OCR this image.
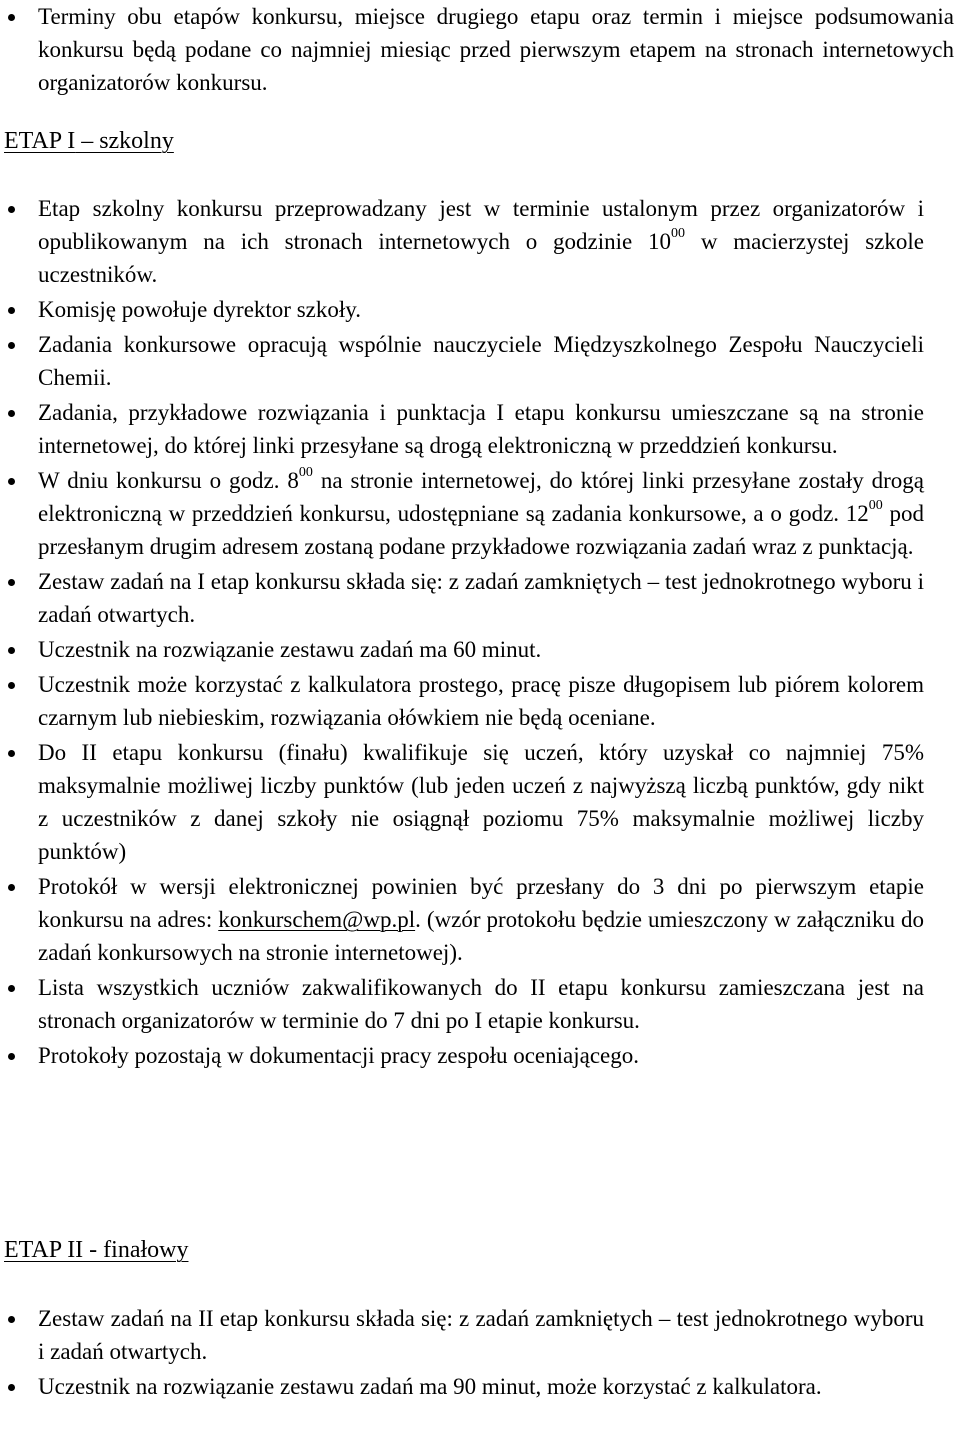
Terminy obu etapów konkursu, miejsce drugiego etapu oraz termin i miejsce podsumowania konkursu będą podane co najmniej miesiąc przed pierwszym etapem na stronach internetowych organizatorów konkursu.
ETAP I – szkolny
Etap szkolny konkursu przeprowadzany jest w terminie ustalonym przez organizatorów i opublikowanym na ich stronach internetowych o godzinie $10^{00}$ w macierzystej szkole uczestników.
Komisję powołuje dyrektor szkoły.
Zadania konkursowe opracują wspólnie nauczyciele Międzyszkolnego Zespołu Nauczycieli Chemii.
Zadania, przykładowe rozwiązania i punktacja I etapu konkursu umieszczane są na stronie internetowej, do której linki przesyłane są drogą elektroniczną w przeddzień konkursu.
W dniu konkursu o godz. $8^{00}$ na stronie internetowej, do której linki przesyłane zostały drogą elektroniczną w przeddzień konkursu, udostępniane są zadania konkursowe, a o godz. $12^{00}$ pod przesłanym drugim adresem zostaną podane przykładowe rozwiązania zadań wraz z punktacją.
Zestaw zadań na I etap konkursu składa się: z zadań zamkniętych – test jednokrotnego wyboru i zadań otwartych.
Uczestnik na rozwiązanie zestawu zadań ma 60 minut.
Uczestnik może korzystać z kalkulatora prostego, pracę pisze długopisem lub piórem kolorem czarnym lub niebieskim, rozwiązania ołówkiem nie będą oceniane.
Do II etapu konkursu (finału) kwalifikuje się uczeń, który uzyskał co najmniej 75% maksymalnie możliwej liczby punktów (lub jeden uczeń z najwyższą liczbą punktów, gdy nikt z uczestników z danej szkoły nie osiągnął poziomu 75% maksymalnie możliwej liczby punktów)
Protokół w wersji elektronicznej powinien być przesłany do 3 dni po pierwszym etapie konkursu na adres: konkurschem@wp.pl. (wzór protokołu będzie umieszczony w załączniku do zadań konkursowych na stronie internetowej).
Lista wszystkich uczniów zakwalifikowanych do II etapu konkursu zamieszczana jest na stronach organizatorów w terminie do 7 dni po I etapie konkursu.
Protokoły pozostają w dokumentacji pracy zespołu oceniającego.
ETAP II - finałowy
Zestaw zadań na II etap konkursu składa się: z zadań zamkniętych – test jednokrotnego wyboru i zadań otwartych.
Uczestnik na rozwiązanie zestawu zadań ma 90 minut, może korzystać z kalkulatora.
